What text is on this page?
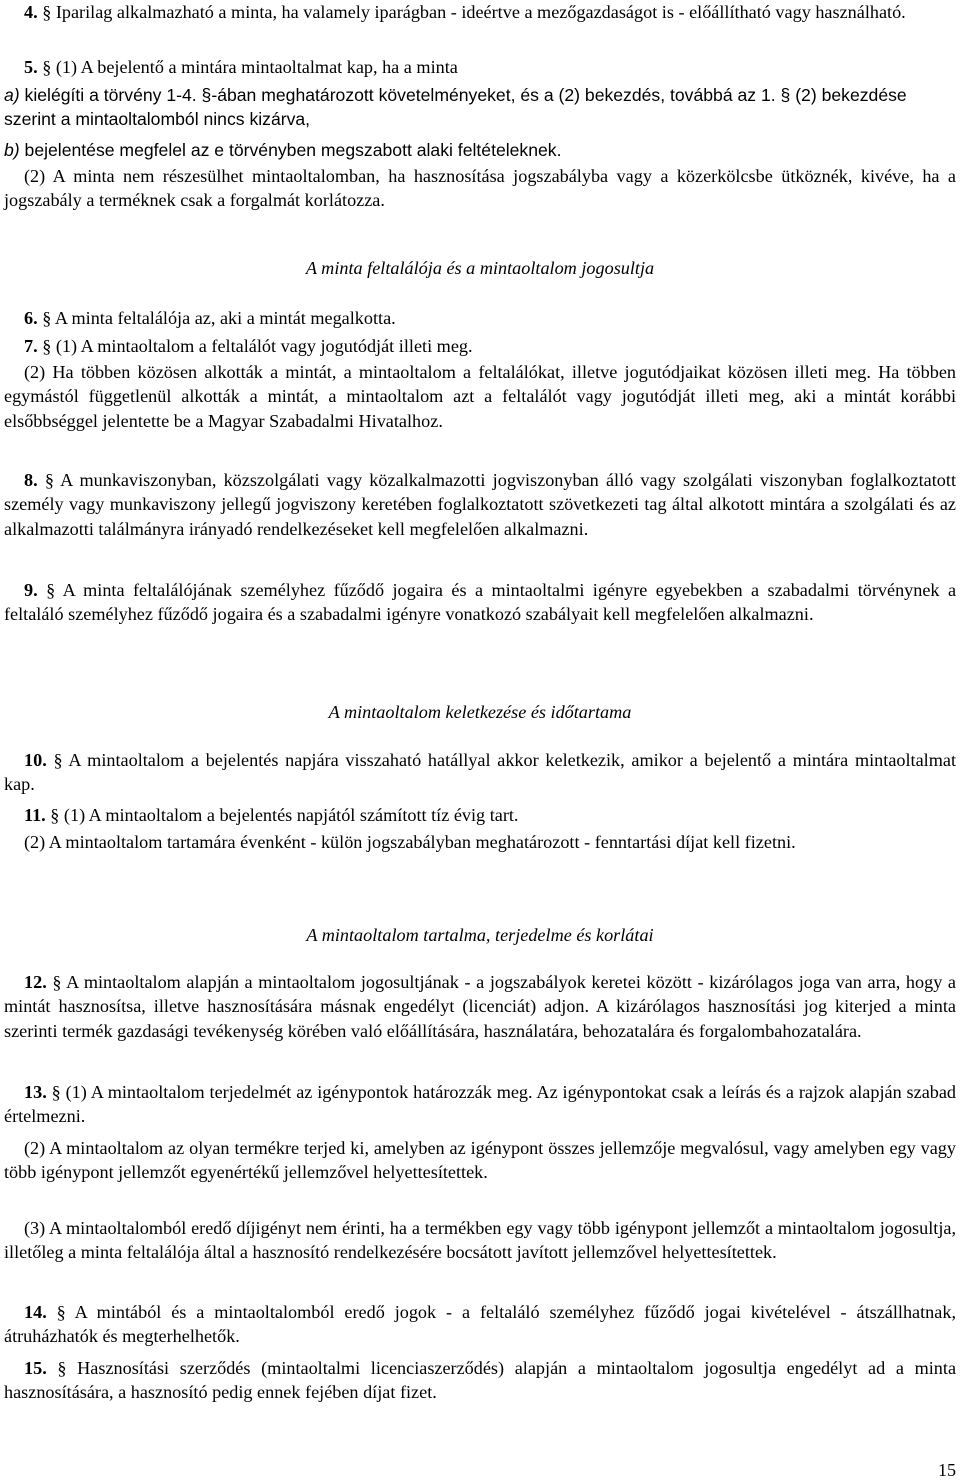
4. § Iparilag alkalmazható a minta, ha valamely iparágban - ideértve a mezőgazdaságot is - előállítható vagy használható.

5. § (1) A bejelentő a mintára mintaoltalmat kap, ha a minta

a) kielégíti a törvény 1-4. §-ában meghatározott követelményeket, és a (2) bekezdés, továbbá az 1. § (2) bekezdése szerint a mintaoltalomból nincs kizárva,

b) bejelentése megfelel az e törvényben megszabott alaki feltételeknek.

(2) A minta nem részesülhet mintaoltalomban, ha hasznosítása jogszabályba vagy a közerkölcsbe ütköznék, kivéve, ha a jogszabály a terméknek csak a forgalmát korlátozza.

A minta feltalálója és a mintaoltalom jogosultja

6. § A minta feltalálója az, aki a mintát megalkotta.

7. § (1) A mintaoltalom a feltalálót vagy jogutódját illeti meg.

(2) Ha többen közösen alkották a mintát, a mintaoltalom a feltalálókat, illetve jogutódjaikat közösen illeti meg. Ha többen egymástól függetlenül alkották a mintát, a mintaoltalom azt a feltalálót vagy jogutódját illeti meg, aki a mintát korábbi elsőbbséggel jelentette be a Magyar Szabadalmi Hivatalhoz.

8. § A munkaviszonyban, közszolgálati vagy közalkalmazotti jogviszonyban álló vagy szolgálati viszonyban foglalkoztatott személy vagy munkaviszony jellegű jogviszony keretében foglalkoztatott szövetkezeti tag által alkotott mintára a szolgálati és az alkalmazotti találmányra irányadó rendelkezéseket kell megfelelően alkalmazni.

9. § A minta feltalálójának személyhez fűződő jogaira és a mintaoltalmi igényre egyebekben a szabadalmi törvénynek a feltaláló személyhez fűződő jogaira és a szabadalmi igényre vonatkozó szabályait kell megfelelően alkalmazni.

A mintaoltalom keletkezése és időtartama

10. § A mintaoltalom a bejelentés napjára visszaható hatállyal akkor keletkezik, amikor a bejelentő a mintára mintaoltalmat kap.

11. § (1) A mintaoltalom a bejelentés napjától számított tíz évig tart.

(2) A mintaoltalom tartamára évenként - külön jogszabályban meghatározott - fenntartási díjat kell fizetni.

A mintaoltalom tartalma, terjedelme és korlátai

12. § A mintaoltalom alapján a mintaoltalom jogosultjának - a jogszabályok keretei között - kizárólagos joga van arra, hogy a mintát hasznosítsa, illetve hasznosítására másnak engedélyt (licenciát) adjon. A kizárólagos hasznosítási jog kiterjed a minta szerinti termék gazdasági tevékenység körében való előállítására, használatára, behozatalára és forgalombahozatalára.

13. § (1) A mintaoltalom terjedelmét az igénypontok határozzák meg. Az igénypontokat csak a leírás és a rajzok alapján szabad értelmezni.

(2) A mintaoltalom az olyan termékre terjed ki, amelyben az igénypont összes jellemzője megvalósul, vagy amelyben egy vagy több igénypont jellemzőt egyenértékű jellemzővel helyettesítettek.

(3) A mintaoltalomból eredő díjigényt nem érinti, ha a termékben egy vagy több igénypont jellemzőt a mintaoltalom jogosultja, illetőleg a minta feltalálója által a hasznosító rendelkezésére bocsátott javított jellemzővel helyettesítettek.

14. § A mintából és a mintaoltalomból eredő jogok - a feltaláló személyhez fűződő jogai kivételével - átszállhatnak, átruházhatók és megterhelhetők.

15. § Hasznosítási szerződés (mintaoltalmi licenciaszerződés) alapján a mintaoltalom jogosultja engedélyt ad a minta hasznosítására, a hasznosító pedig ennek fejében díjat fizet.

15
